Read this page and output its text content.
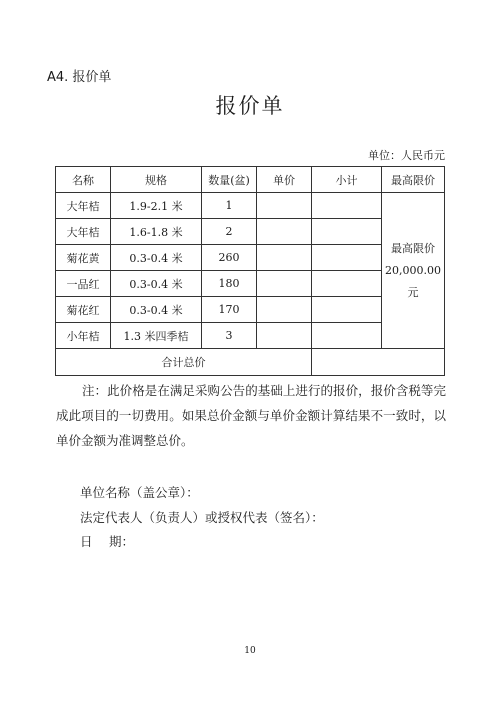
A4. 报价单
报价单
单位：人民币元
名称	规格	数量(盆)	单价	小计	最高限价
大年桔	1.9-2.1 米	1			最高限价
20,000.00
元

大年桔	1.6-1.8 米	2			
菊花黄	0.3-0.4 米	260			
一品红	0.3-0.4 米	180			
菊花红	0.3-0.4 米	170			
小年桔	1.3 米四季桔	3			
合计总价					

注：此价格是在满足采购公告的基础上进行的报价，报价含税等完成此项目的一切费用。如果总价金额与单价金额计算结果不一致时，以单价金额为准调整总价。

单位名称（盖公章）：
法定代表人（负责人）或授权代表（签名）：
日　 期：
10
